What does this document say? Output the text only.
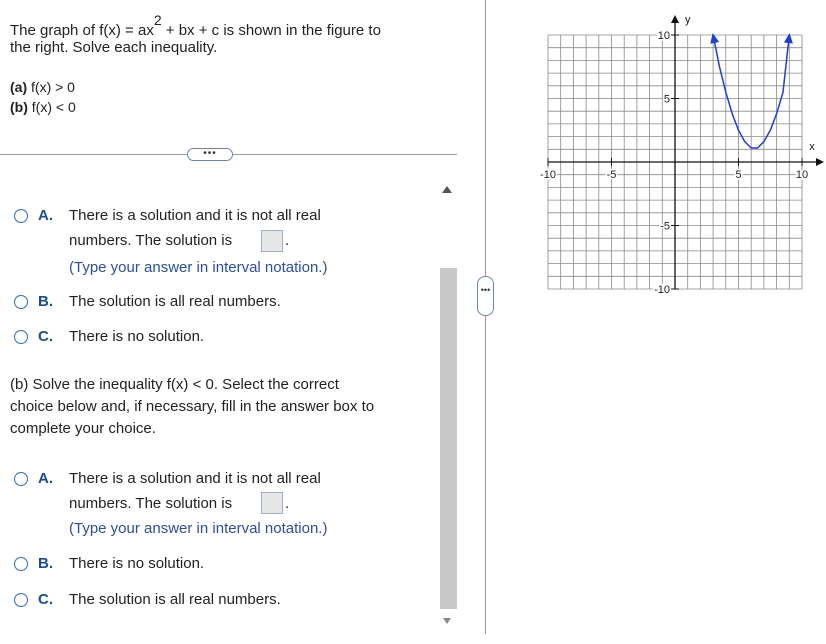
The graph of $f(x) = ax^2$ + bx + c is shown in the figure to
the right. Solve each inequality.
(a) f(x) > 0
(b) f(x) < 0
•••
A. There is a solution and it is not all real
numbers. The solution is	.
(Type your answer in interval notation.)
B. The solution is all real numbers.
C. There is no solution.
(b) Solve the inequality f(x) < 0. Select the correct
choice below and, if necessary, fill in the answer box to
complete your choice.
A. There is a solution and it is not all real
numbers. The solution is	.
(Type your answer in interval notation.)
B. There is no solution.
C. The solution is all real numbers.
•••
x
y
-10	-5	5	10
10
5
-5
-10
